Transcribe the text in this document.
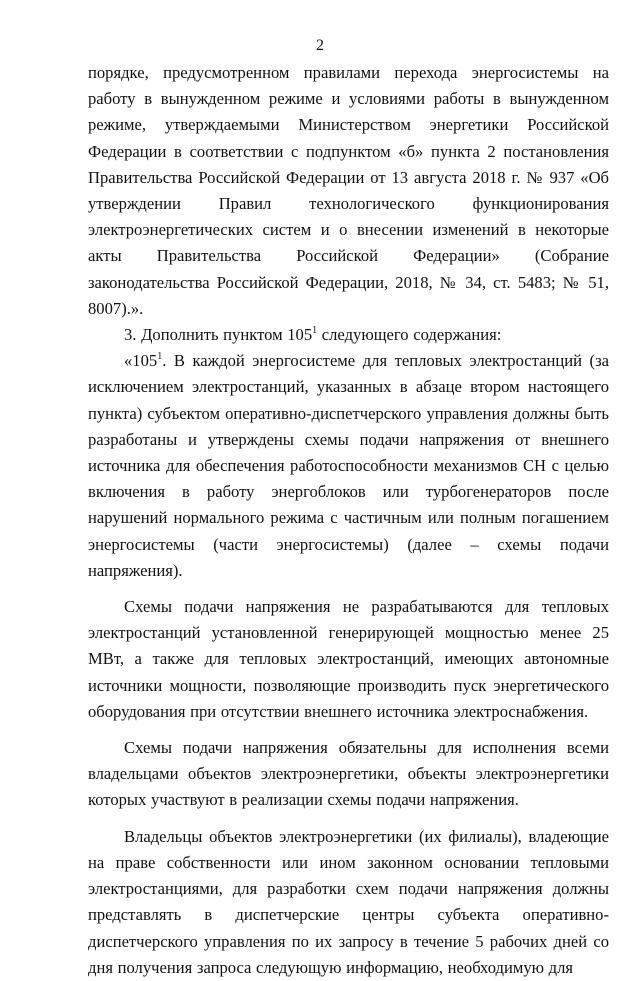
2

порядке, предусмотренном правилами перехода энергосистемы на работу в вынужденном режиме и условиями работы в вынужденном режиме, утверждаемыми Министерством энергетики Российской Федерации в соответствии с подпунктом «б» пункта 2 постановления Правительства Российской Федерации от 13 августа 2018 г. № 937 «Об утверждении Правил технологического функционирования электроэнергетических систем и о внесении изменений в некоторые акты Правительства Российской Федерации» (Собрание законодательства Российской Федерации, 2018, № 34, ст. 5483; № 51, 8007).».

3. Дополнить пунктом $105^1$ следующего содержания:

«$105^1$. В каждой энергосистеме для тепловых электростанций (за исключением электростанций, указанных в абзаце втором настоящего пункта) субъектом оперативно-диспетчерского управления должны быть разработаны и утверждены схемы подачи напряжения от внешнего источника для обеспечения работоспособности механизмов СН с целью включения в работу энергоблоков или турбогенераторов после нарушений нормального режима с частичным или полным погашением энергосистемы (части энергосистемы) (далее – схемы подачи напряжения).

Схемы подачи напряжения не разрабатываются для тепловых электростанций установленной генерирующей мощностью менее 25 МВт, а также для тепловых электростанций, имеющих автономные источники мощности, позволяющие производить пуск энергетического оборудования при отсутствии внешнего источника электроснабжения.

Схемы подачи напряжения обязательны для исполнения всеми владельцами объектов электроэнергетики, объекты электроэнергетики которых участвуют в реализации схемы подачи напряжения.

Владельцы объектов электроэнергетики (их филиалы), владеющие на праве собственности или ином законном основании тепловыми электростанциями, для разработки схем подачи напряжения должны представлять в диспетчерские центры субъекта оперативно-диспетчерского управления по их запросу в течение 5 рабочих дней со дня получения запроса следующую информацию, необходимую для
